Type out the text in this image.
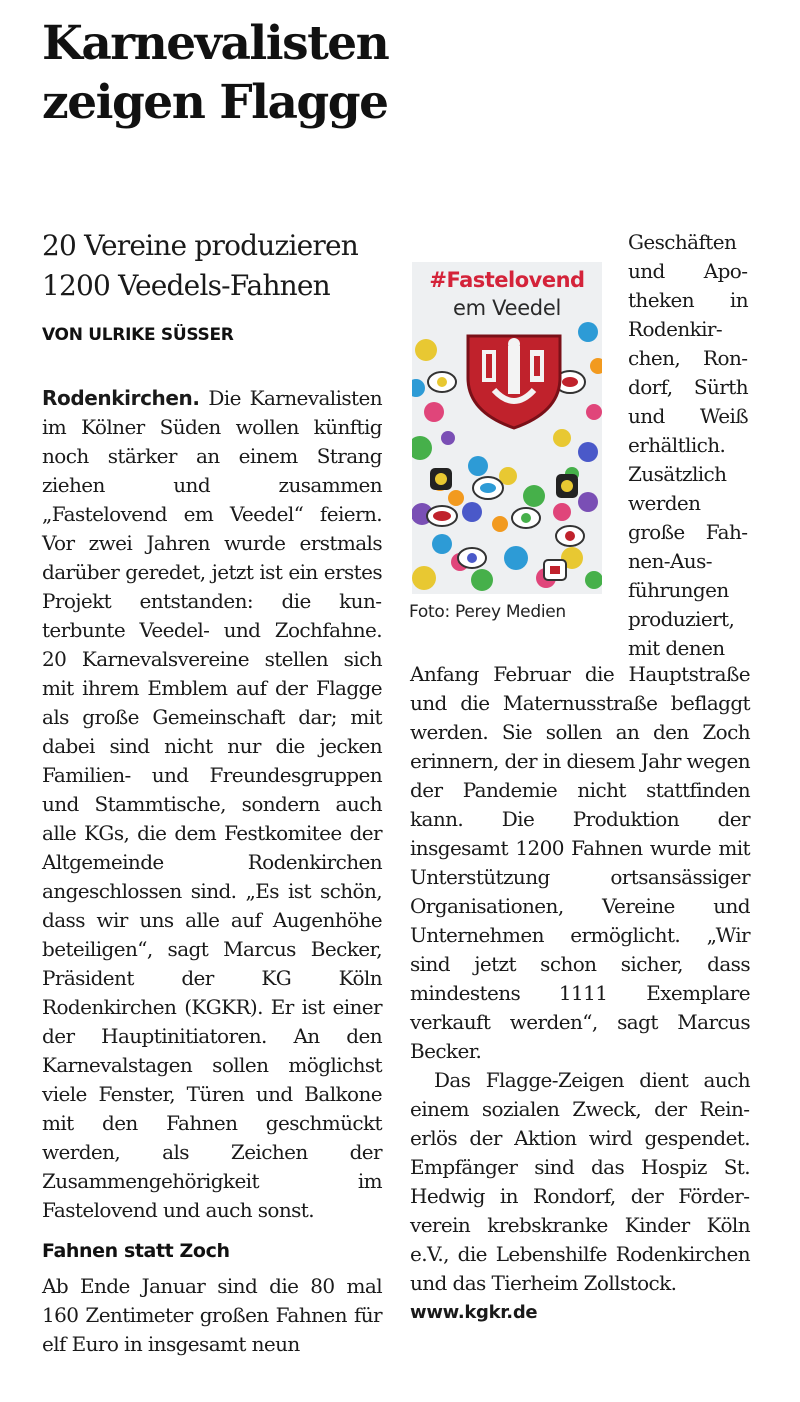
Karnevalisten zeigen Flagge
20 Vereine produzieren 1200 Veedels-Fahnen
VON ULRIKE SÜSSER

Rodenkirchen. Die Karnevalisten im Kölner Süden wollen künftig noch stärker an einem Strang ziehen und zusammen „Fastelovend em Veedel“ feiern. Vor zwei Jahren wurde erstmals darüber geredet, jetzt ist ein erstes Projekt entstanden: die kunterbunte Veedel- und Zochfahne. 20 Karnevalsvereine stellen sich mit ihrem Emblem auf der Flagge als große Gemeinschaft dar; mit dabei sind nicht nur die jecken Familien- und Freundesgruppen und Stammtische, sondern auch alle KGs, die dem Festkomitee der Altgemeinde Rodenkirchen angeschlossen sind. „Es ist schön, dass wir uns alle auf Augenhöhe beteiligen“, sagt Marcus Becker, Präsident der KG Köln Rodenkirchen (KGKR). Er ist einer der Hauptinitiatoren. An den Karnevalstagen sollen möglichst viele Fenster, Türen und Balkone mit den Fahnen geschmückt werden, als Zeichen der Zusammengehörigkeit im Fastelovend und auch sonst.

Fahnen statt Zoch

Ab Ende Januar sind die 80 mal 160 Zentimeter großen Fahnen für elf Euro in insgesamt neun

#Fastelovend
em Veedel
Foto: Perey Medien

Geschäften und Apotheken in Rodenkirchen, Rondorf, Sürth und Weiß erhältlich. Zusätzlich werden große Fahnen-Ausführungen produziert, mit denen

Anfang Februar die Hauptstraße und die Maternusstraße beflaggt werden. Sie sollen an den Zoch erinnern, der in diesem Jahr wegen der Pandemie nicht stattfinden kann. Die Produktion der insgesamt 1200 Fahnen wurde mit Unterstützung ortsansässiger Organisationen, Vereine und Unternehmen ermöglicht. „Wir sind jetzt schon sicher, dass mindestens 1111 Exemplare verkauft werden“, sagt Marcus Becker.

Das Flagge-Zeigen dient auch einem sozialen Zweck, der Reinerlös der Aktion wird gespendet. Empfänger sind das Hospiz St. Hedwig in Rondorf, der Förderverein krebskranke Kinder Köln e.V., die Lebenshilfe Rodenkirchen und das Tierheim Zollstock.

www.kgkr.de
